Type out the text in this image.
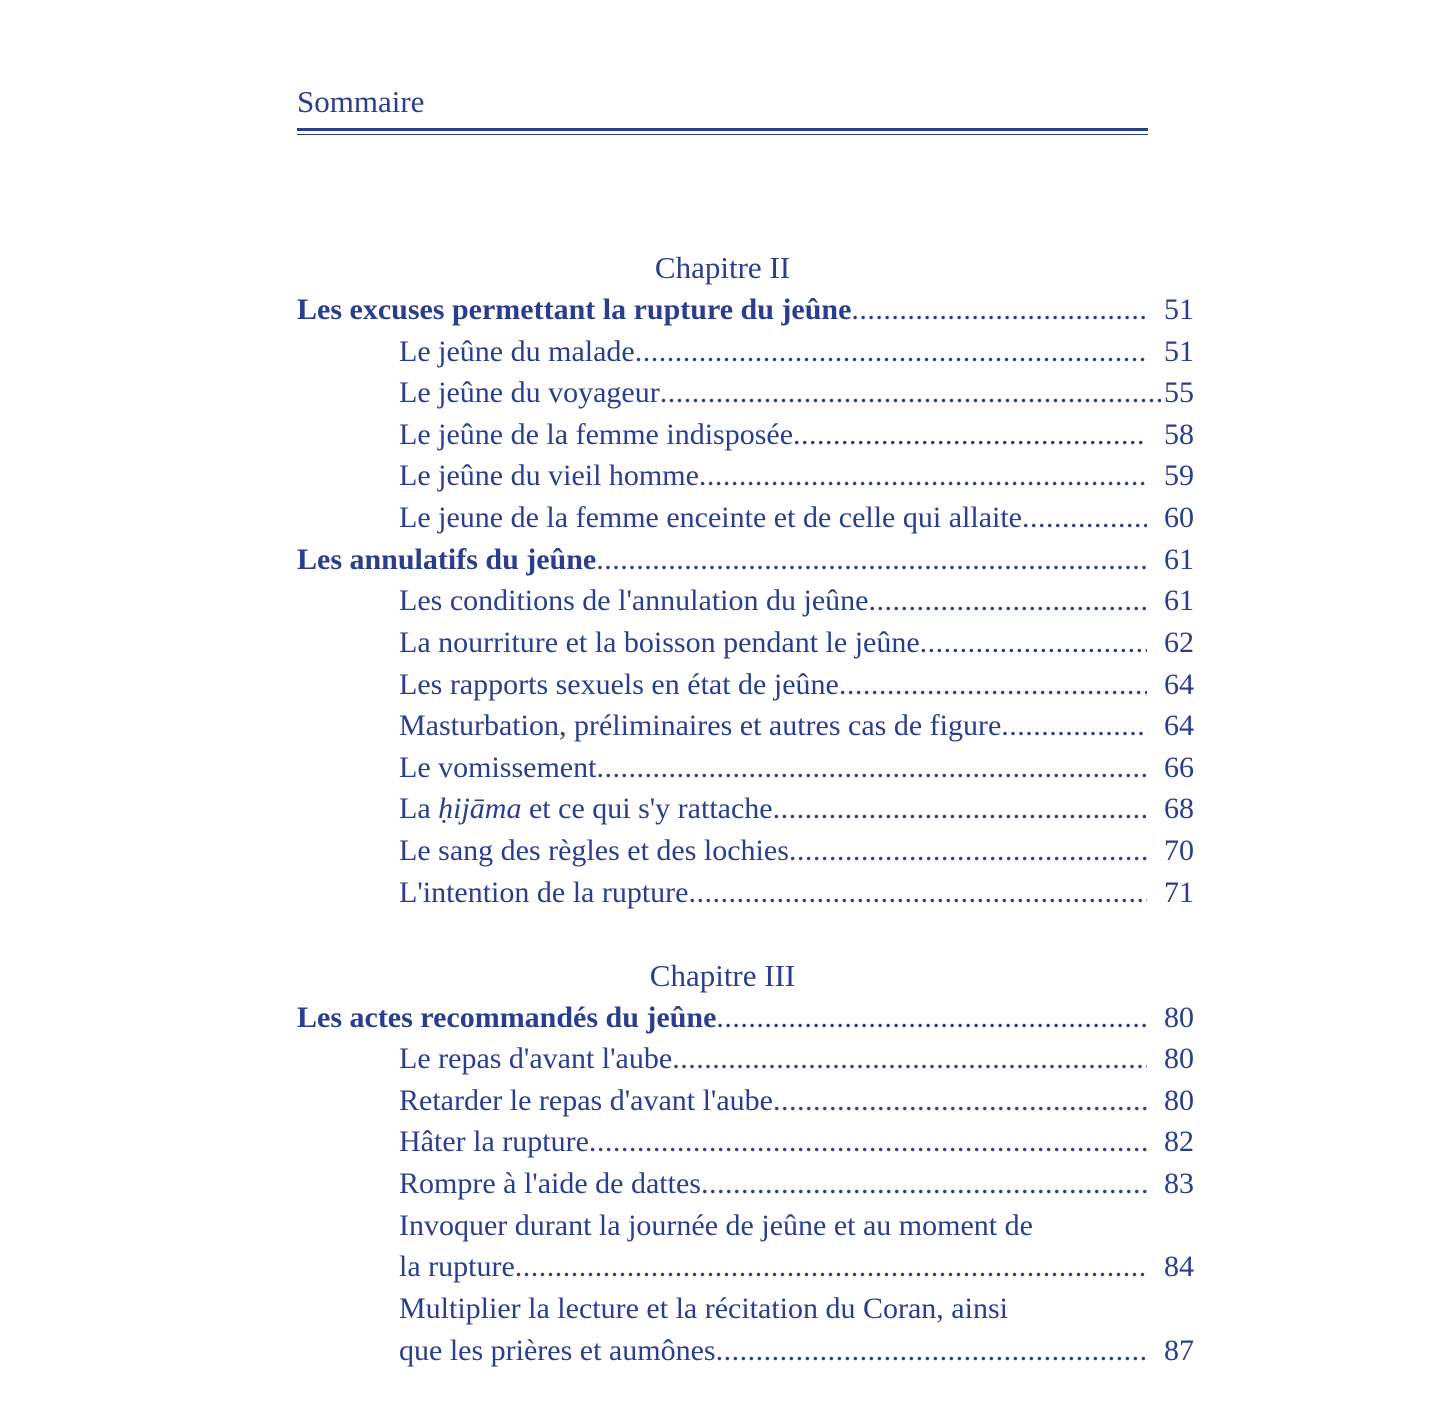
Sommaire
Chapitre II
Les excuses permettant la rupture du jeûne .....	51
Le jeûne du malade .....	51
Le jeûne du voyageur .....	55
Le jeûne de la femme indisposée .....	58
Le jeûne du vieil homme .....	59
Le jeune de la femme enceinte et de celle qui allaite .....	60
Les annulatifs du jeûne .....	61
Les conditions de l'annulation du jeûne .....	61
La nourriture et la boisson pendant le jeûne .....	62
Les rapports sexuels en état de jeûne .....	64
Masturbation, préliminaires et autres cas de figure .....	64
Le vomissement .....	66
La ḥijāma et ce qui s'y rattache .....	68
Le sang des règles et des lochies .....	70
L'intention de la rupture .....	71
Chapitre III
Les actes recommandés du jeûne .....	80
Le repas d'avant l'aube .....	80
Retarder le repas d'avant l'aube .....	80
Hâter la rupture .....	82
Rompre à l'aide de dattes .....	83
Invoquer durant la journée de jeûne et au moment de
la rupture .....	84
Multiplier la lecture et la récitation du Coran, ainsi
que les prières et aumônes .....	87
